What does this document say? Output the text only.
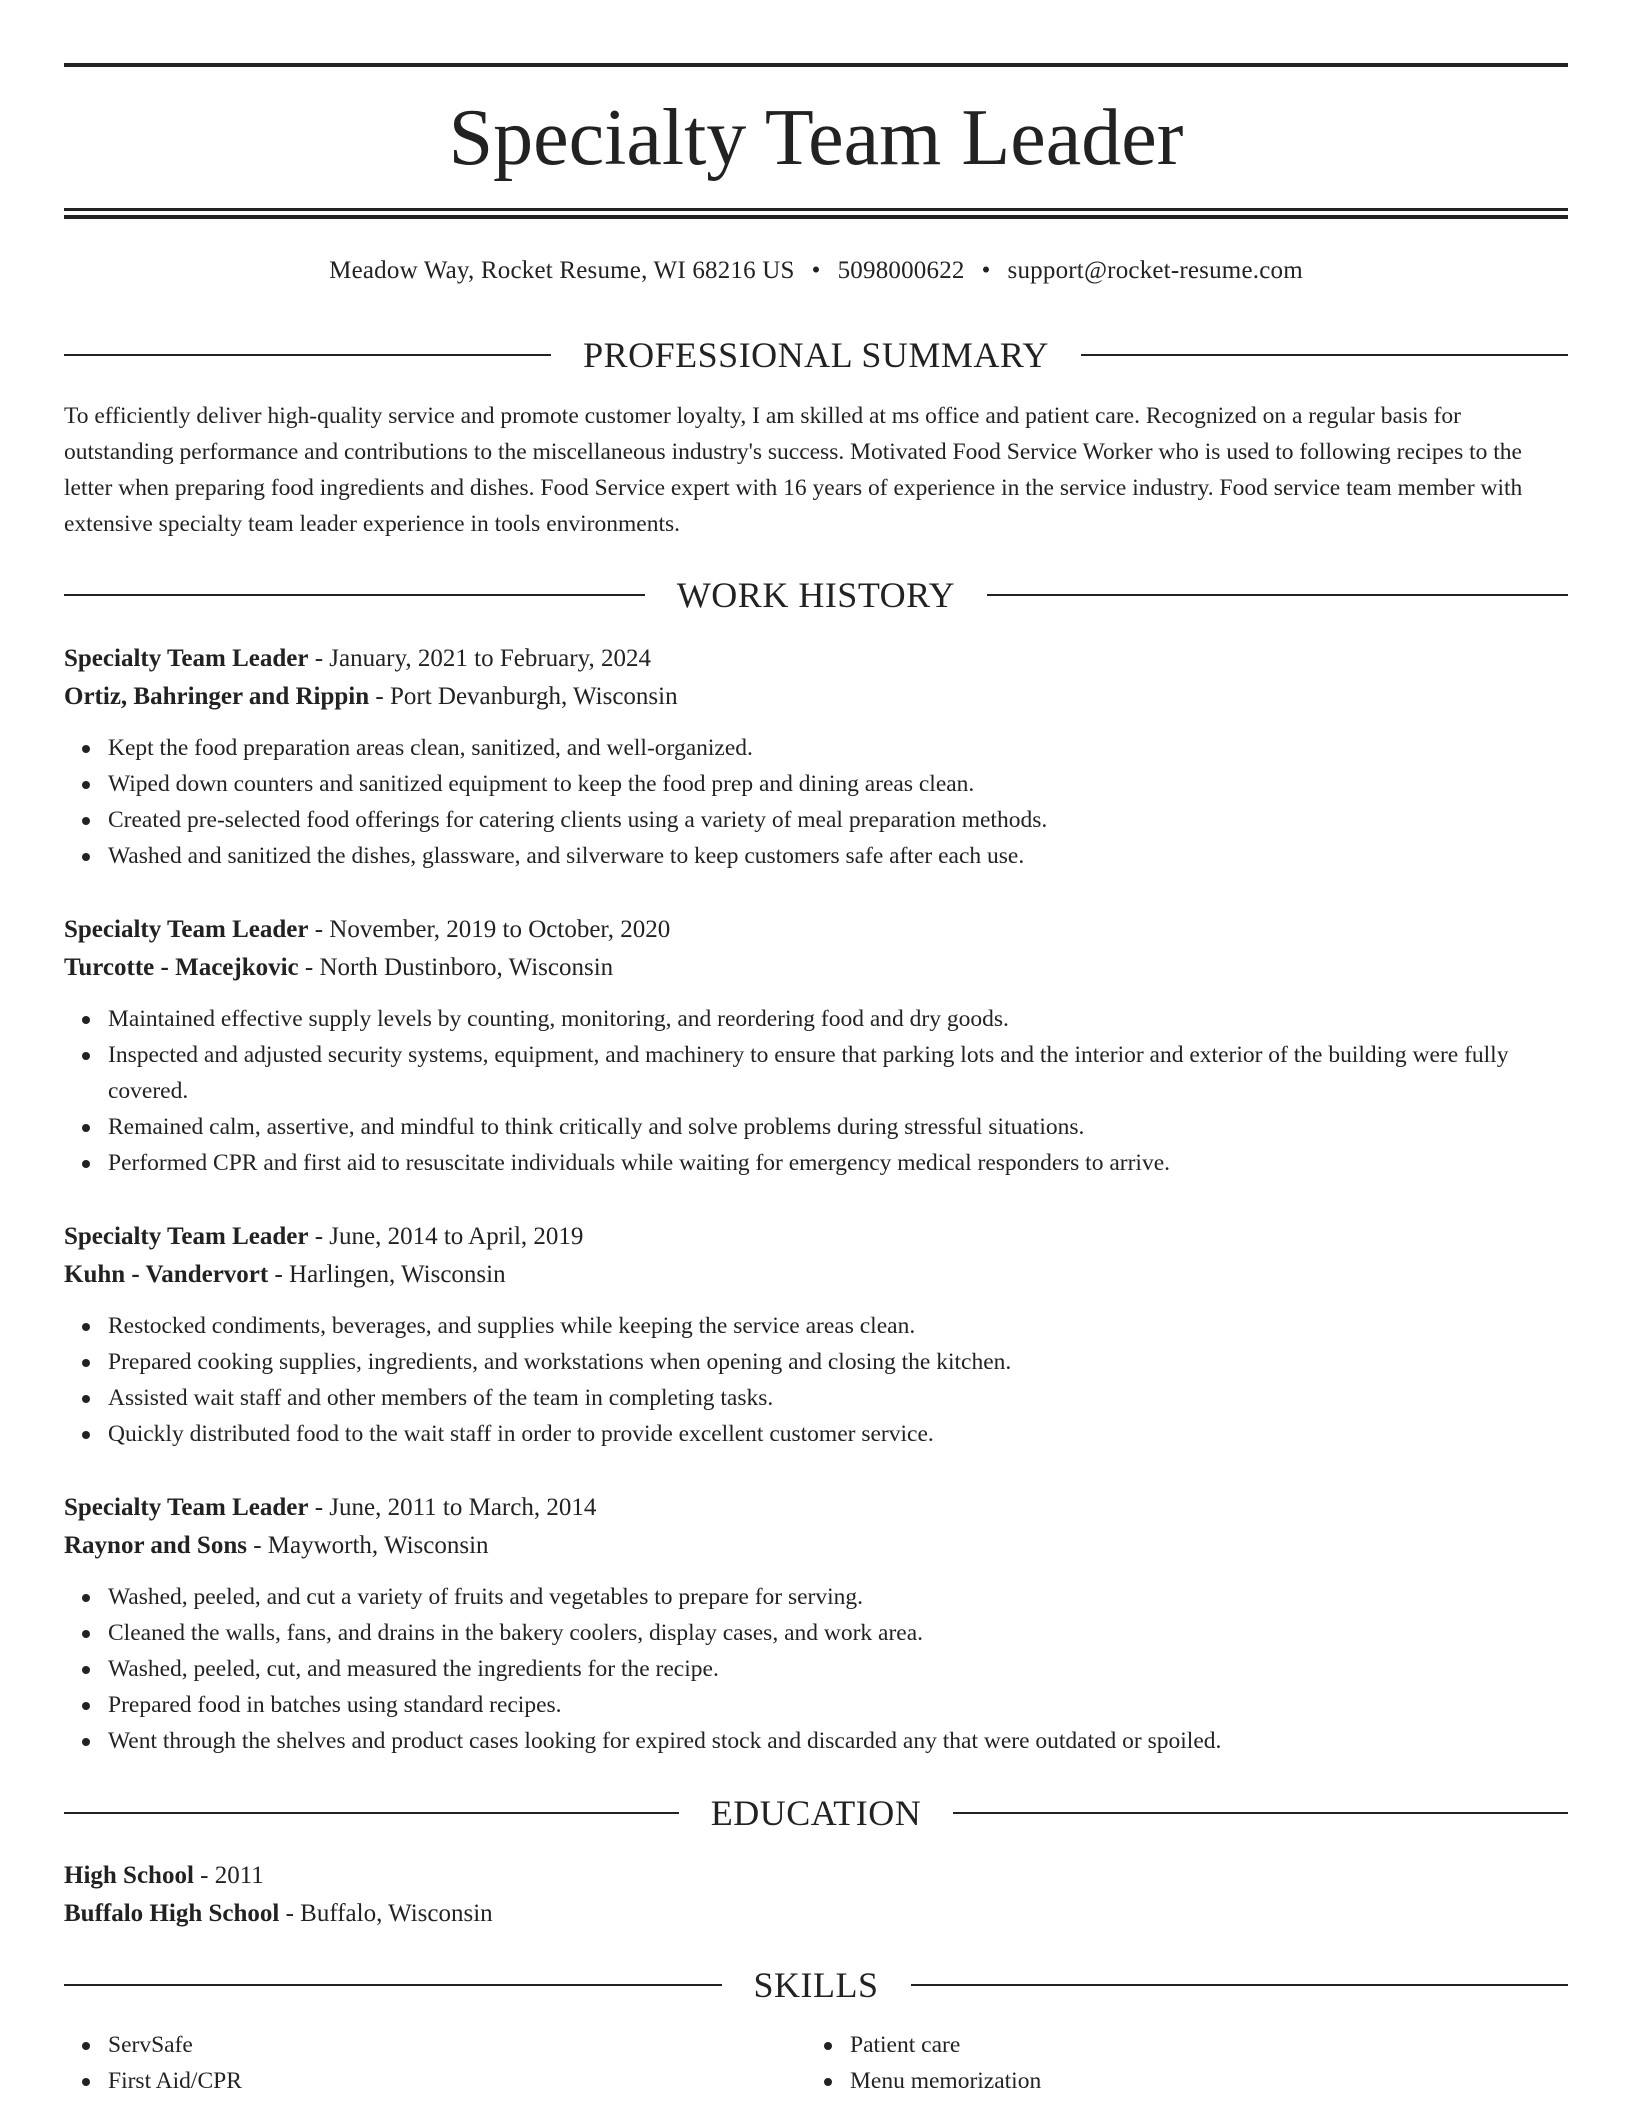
Specialty Team Leader
Meadow Way, Rocket Resume, WI 68216 US • 5098000622 • support@rocket-resume.com
PROFESSIONAL SUMMARY

To efficiently deliver high-quality service and promote customer loyalty, I am skilled at ms office and patient care. Recognized on a regular basis for outstanding performance and contributions to the miscellaneous industry's success. Motivated Food Service Worker who is used to following recipes to the letter when preparing food ingredients and dishes. Food Service expert with 16 years of experience in the service industry. Food service team member with extensive specialty team leader experience in tools environments.

WORK HISTORY
Specialty Team Leader - January, 2021 to February, 2024
Ortiz, Bahringer and Rippin - Port Devanburgh, Wisconsin
Kept the food preparation areas clean, sanitized, and well-organized.
Wiped down counters and sanitized equipment to keep the food prep and dining areas clean.
Created pre-selected food offerings for catering clients using a variety of meal preparation methods.
Washed and sanitized the dishes, glassware, and silverware to keep customers safe after each use.
Specialty Team Leader - November, 2019 to October, 2020
Turcotte - Macejkovic - North Dustinboro, Wisconsin
Maintained effective supply levels by counting, monitoring, and reordering food and dry goods.
Inspected and adjusted security systems, equipment, and machinery to ensure that parking lots and the interior and exterior of the building were fully covered.
Remained calm, assertive, and mindful to think critically and solve problems during stressful situations.
Performed CPR and first aid to resuscitate individuals while waiting for emergency medical responders to arrive.
Specialty Team Leader - June, 2014 to April, 2019
Kuhn - Vandervort - Harlingen, Wisconsin
Restocked condiments, beverages, and supplies while keeping the service areas clean.
Prepared cooking supplies, ingredients, and workstations when opening and closing the kitchen.
Assisted wait staff and other members of the team in completing tasks.
Quickly distributed food to the wait staff in order to provide excellent customer service.
Specialty Team Leader - June, 2011 to March, 2014
Raynor and Sons - Mayworth, Wisconsin
Washed, peeled, and cut a variety of fruits and vegetables to prepare for serving.
Cleaned the walls, fans, and drains in the bakery coolers, display cases, and work area.
Washed, peeled, cut, and measured the ingredients for the recipe.
Prepared food in batches using standard recipes.
Went through the shelves and product cases looking for expired stock and discarded any that were outdated or spoiled.
EDUCATION
High School - 2011
Buffalo High School - Buffalo, Wisconsin
SKILLS
ServSafe
First Aid/CPR
Patient care
Menu memorization
